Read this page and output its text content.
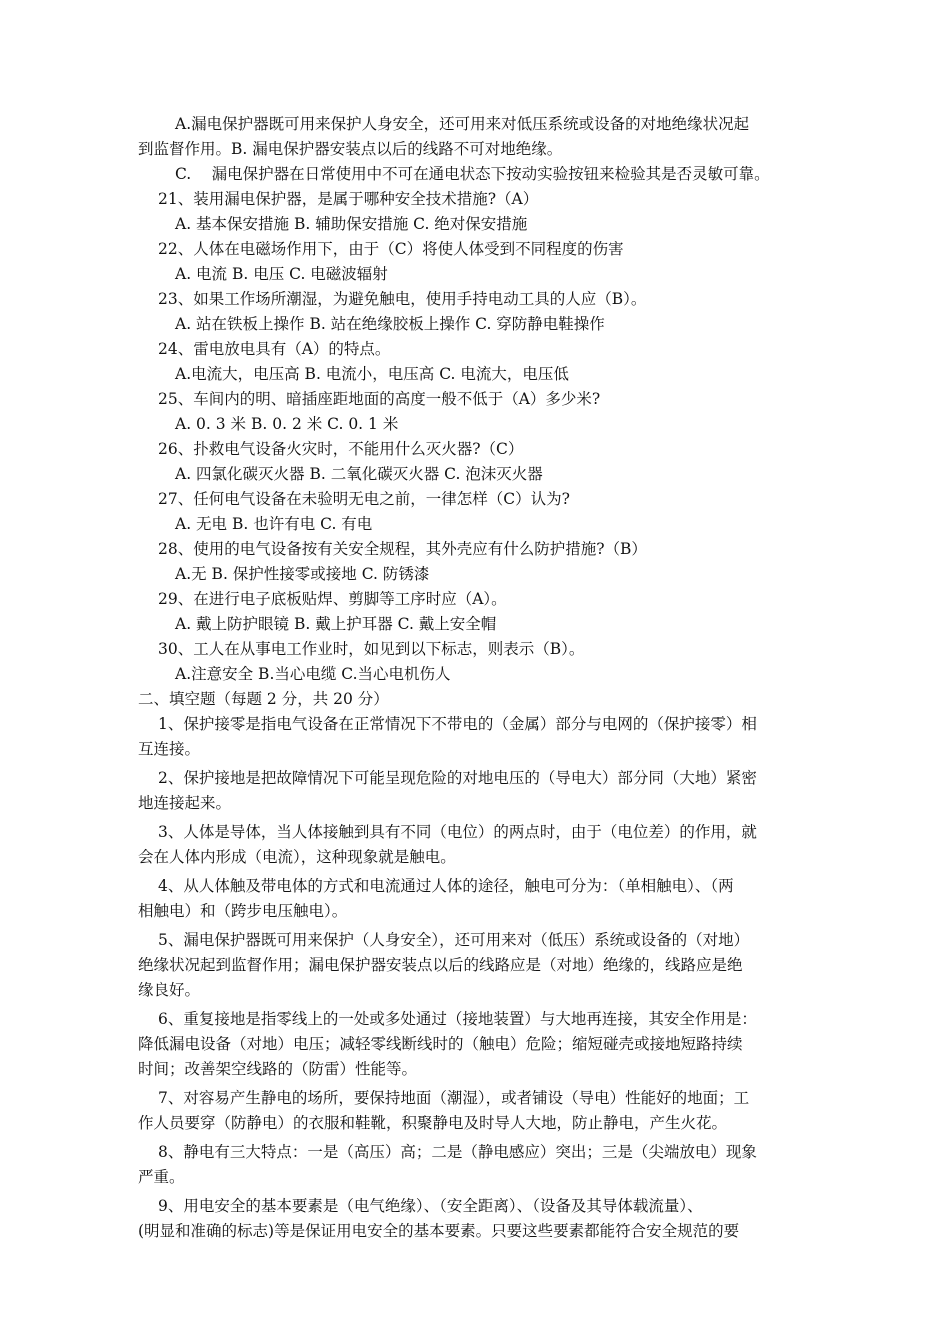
A.漏电保护器既可用来保护人身安全，还可用来对低压系统或设备的对地绝缘状况起
到监督作用。B. 漏电保护器安装点以后的线路不可对地绝缘。
C.　 漏电保护器在日常使用中不可在通电状态下按动实验按钮来检验其是否灵敏可靠。
21、装用漏电保护器，是属于哪种安全技术措施?（A）
A. 基本保安措施 B. 辅助保安措施 C. 绝对保安措施
22、人体在电磁场作用下，由于（C）将使人体受到不同程度的伤害
A. 电流 B. 电压 C. 电磁波辐射
23、如果工作场所潮湿，为避免触电，使用手持电动工具的人应（B）。
A. 站在铁板上操作 B. 站在绝缘胶板上操作 C. 穿防静电鞋操作
24、雷电放电具有（A）的特点。
A.电流大，电压高 B. 电流小，电压高 C. 电流大，电压低
25、车间内的明、暗插座距地面的高度一般不低于（A）多少米?
A. 0. 3 米 B. 0. 2 米 C. 0. 1 米
26、扑救电气设备火灾时，不能用什么灭火器?（C）
A. 四氯化碳灭火器 B. 二氧化碳灭火器 C. 泡沫灭火器
27、任何电气设备在未验明无电之前，一律怎样（C）认为?
A. 无电 B. 也许有电 C. 有电
28、使用的电气设备按有关安全规程，其外壳应有什么防护措施?（B）
A.无 B. 保护性接零或接地 C. 防锈漆
29、在进行电子底板贴焊、剪脚等工序时应（A）。
A. 戴上防护眼镜 B. 戴上护耳器 C. 戴上安全帽
30、工人在从事电工作业时，如见到以下标志，则表示（B）。
A.注意安全 B.当心电缆 C.当心电机伤人
二、填空题（每题 2 分，共 20 分）
1、保护接零是指电气设备在正常情况下不带电的（金属）部分与电网的（保护接零）相
互连接。
2、保护接地是把故障情况下可能呈现危险的对地电压的（导电大）部分同（大地）紧密
地连接起来。
3、人体是导体，当人体接触到具有不同（电位）的两点时，由于（电位差）的作用，就
会在人体内形成（电流），这种现象就是触电。
4、从人体触及带电体的方式和电流通过人体的途径，触电可分为：（单相触电）、（两
相触电）和（跨步电压触电）。
5、漏电保护器既可用来保护（人身安全），还可用来对（低压）系统或设备的（对地）
绝缘状况起到监督作用；漏电保护器安装点以后的线路应是（对地）绝缘的，线路应是绝
缘良好。
6、重复接地是指零线上的一处或多处通过（接地装置）与大地再连接，其安全作用是：
降低漏电设备（对地）电压；减轻零线断线时的（触电）危险；缩短碰壳或接地短路持续
时间；改善架空线路的（防雷）性能等。
7、对容易产生静电的场所，要保持地面（潮湿），或者铺设（导电）性能好的地面；工
作人员要穿（防静电）的衣服和鞋靴，积聚静电及时导人大地，防止静电，产生火花。
8、静电有三大特点：一是（高压）高；二是（静电感应）突出；三是（尖端放电）现象
严重。
9、用电安全的基本要素是（电气绝缘）、（安全距离）、（设备及其导体载流量）、
(明显和准确的标志)等是保证用电安全的基本要素。只要这些要素都能符合安全规范的要
